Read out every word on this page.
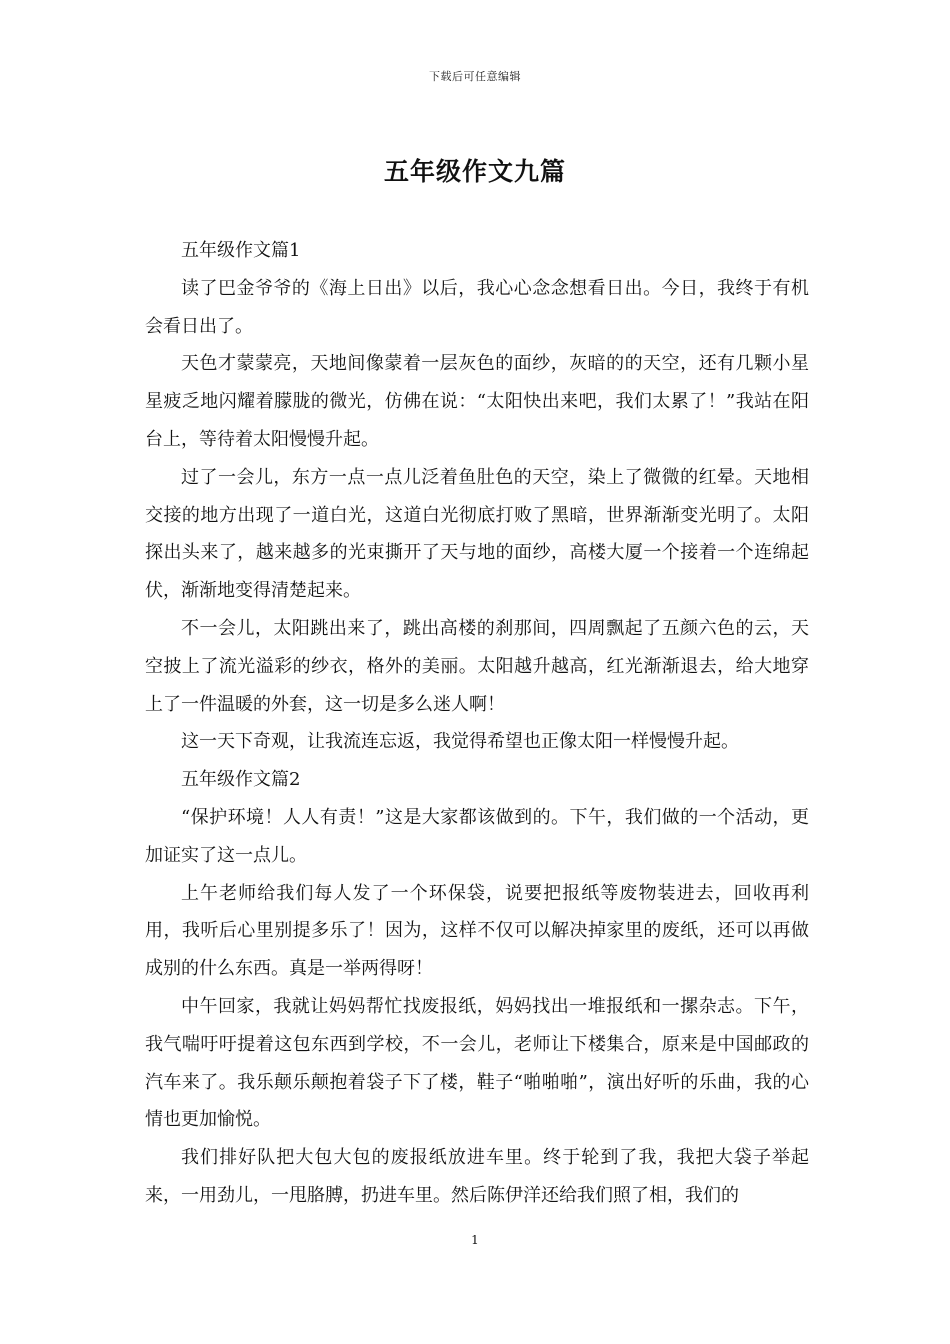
下载后可任意编辑
五年级作文九篇

五年级作文篇1

读了巴金爷爷的《海上日出》以后，我心心念念想看日出。今日，我终于有机会看日出了。

天色才蒙蒙亮，天地间像蒙着一层灰色的面纱，灰暗的的天空，还有几颗小星星疲乏地闪耀着朦胧的微光，仿佛在说：“太阳快出来吧，我们太累了！”我站在阳台上，等待着太阳慢慢升起。

过了一会儿，东方一点一点儿泛着鱼肚色的天空，染上了微微的红晕。天地相交接的地方出现了一道白光，这道白光彻底打败了黑暗，世界渐渐变光明了。太阳探出头来了，越来越多的光束撕开了天与地的面纱，高楼大厦一个接着一个连绵起伏，渐渐地变得清楚起来。

不一会儿，太阳跳出来了，跳出高楼的刹那间，四周飘起了五颜六色的云，天空披上了流光溢彩的纱衣，格外的美丽。太阳越升越高，红光渐渐退去，给大地穿上了一件温暖的外套，这一切是多么迷人啊！

这一天下奇观，让我流连忘返，我觉得希望也正像太阳一样慢慢升起。

五年级作文篇2

“保护环境！人人有责！”这是大家都该做到的。下午，我们做的一个活动，更加证实了这一点儿。

上午老师给我们每人发了一个环保袋，说要把报纸等废物装进去，回收再利用，我听后心里别提多乐了！因为，这样不仅可以解决掉家里的废纸，还可以再做成别的什么东西。真是一举两得呀！

中午回家，我就让妈妈帮忙找废报纸，妈妈找出一堆报纸和一摞杂志。下午，我气喘吁吁提着这包东西到学校，不一会儿，老师让下楼集合，原来是中国邮政的汽车来了。我乐颠乐颠抱着袋子下了楼，鞋子“啪啪啪”，演出好听的乐曲，我的心情也更加愉悦。

我们排好队把大包大包的废报纸放进车里。终于轮到了我，我把大袋子举起来，一用劲儿，一甩胳膊，扔进车里。然后陈伊洋还给我们照了相，我们的

1
